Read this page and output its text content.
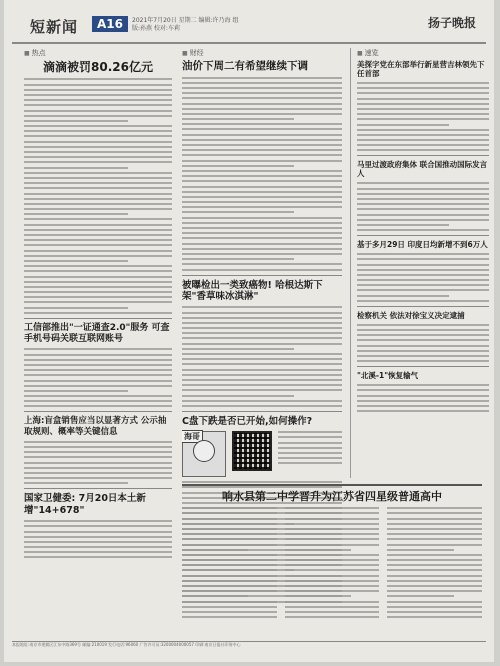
短新闻	A16	2021年7月20日 星期二 编辑:许乃海 组版:孙燕 校对:车莉	扬子晚报
■ 热点
滴滴被罚80.26亿元
工信部推出"一证通查2.0"服务 可查手机号码关联互联网账号
上海:盲盒销售应当以显著方式 公示抽取规则、概率等关键信息
国家卫健委: 7月20日本土新增"14+678"
■ 财经
油价下周二有希望继续下调
被曝检出一类致癌物! 哈根达斯下架"香草味冰淇淋"
C盘下跌是否已开始,如何操作?
海哥
■ 速览
美探字党在东部举行新星营吉林领先下任首部
马里过渡政府集体 联合国推动国际发言人
基于多月29日 印度日均新增不到6万人
检察机关 依法对徐宝义决定逮捕
"北溪-1"恢复输气
响水县第二中学晋升为江苏省四星级普通高中
本报地址:南京市建邺区江东中路369号 邮编:210019 发行电话:96060 广告许可证:3200004000057 印刷:南京日报社印务中心
